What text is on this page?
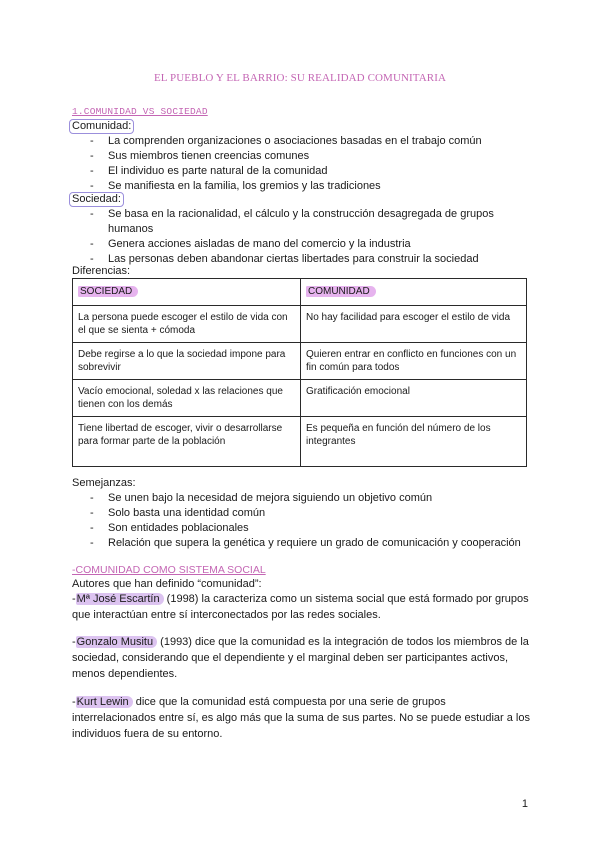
EL PUEBLO Y EL BARRIO: SU REALIDAD COMUNITARIA
1.COMUNIDAD VS SOCIEDAD
Comunidad:
- La comprenden organizaciones o asociaciones basadas en el trabajo común
- Sus miembros tienen creencias comunes
- El individuo es parte natural de la comunidad
- Se manifiesta en la familia, los gremios y las tradiciones
Sociedad:
- Se basa en la racionalidad, el cálculo y la construcción desagregada de grupos humanos
- Genera acciones aisladas de mano del comercio y la industria
- Las personas deben abandonar ciertas libertades para construir la sociedad
Diferencias:
SOCIEDAD	COMUNIDAD
La persona puede escoger el estilo de vida con el que se sienta + cómoda	No hay facilidad para escoger el estilo de vida
Debe regirse a lo que la sociedad impone para sobrevivir	Quieren entrar en conflicto en funciones con un fin común para todos
Vacío emocional, soledad x las relaciones que tienen con los demás	Gratificación emocional
Tiene libertad de escoger, vivir o desarrollarse para formar parte de la población	Es pequeña en función del número de los integrantes
Semejanzas:
- Se unen bajo la necesidad de mejora siguiendo un objetivo común
- Solo basta una identidad común
- Son entidades poblacionales
- Relación que supera la genética y requiere un grado de comunicación y cooperación
-COMUNIDAD COMO SISTEMA SOCIAL
Autores que han definido “comunidad”:

-Mª José Escartín (1998) la caracteriza como un sistema social que está formado por grupos que interactúan entre sí interconectados por las redes sociales.

-Gonzalo Musitu (1993) dice que la comunidad es la integración de todos los miembros de la sociedad, considerando que el dependiente y el marginal deben ser participantes activos, menos dependientes.

-Kurt Lewin dice que la comunidad está compuesta por una serie de grupos interrelacionados entre sí, es algo más que la suma de sus partes. No se puede estudiar a los individuos fuera de su entorno.

1
